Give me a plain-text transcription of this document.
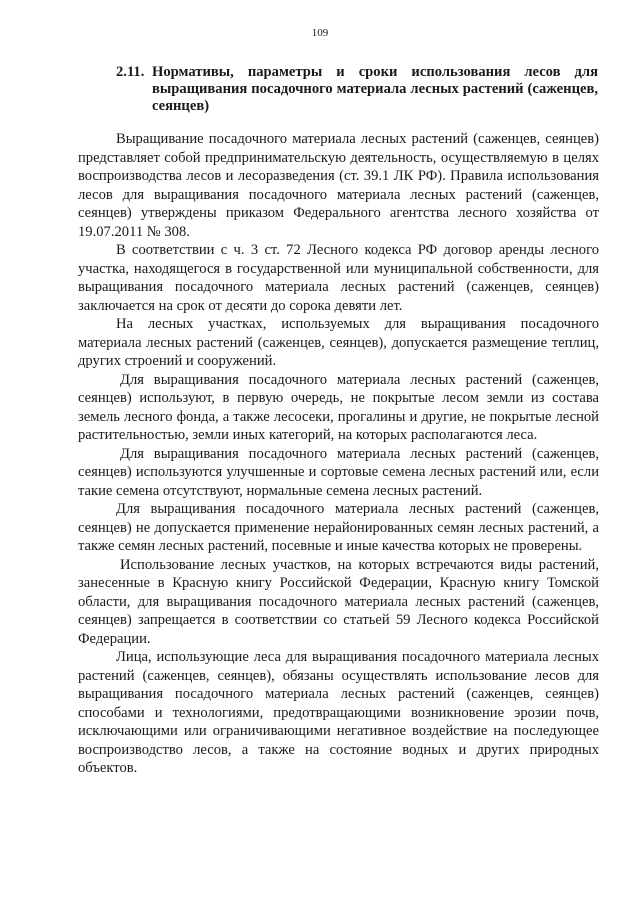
109
2.11. Нормативы, параметры и сроки использования лесов для выращивания посадочного материала лесных растений (саженцев, сеянцев)

Выращивание посадочного материала лесных растений (саженцев, сеянцев) представляет собой предпринимательскую деятельность, осуществляемую в целях воспроизводства лесов и лесоразведения (ст. 39.1 ЛК РФ). Правила использования лесов для выращивания посадочного материала лесных растений (саженцев, сеянцев) утверждены приказом Федерального агентства лесного хозяйства от 19.07.2011 № 308.

В соответствии с ч. 3 ст. 72 Лесного кодекса РФ договор аренды лесного участка, находящегося в государственной или муниципальной собственности, для выращивания посадочного материала лесных растений (саженцев, сеянцев) заключается на срок от десяти до сорока девяти лет.

На лесных участках, используемых для выращивания посадочного материала лесных растений (саженцев, сеянцев), допускается размещение теплиц, других строений и сооружений.

Для выращивания посадочного материала лесных растений (саженцев, сеянцев) используют, в первую очередь, не покрытые лесом земли из состава земель лесного фонда, а также лесосеки, прогалины и другие, не покрытые лесной растительностью, земли иных категорий, на которых располагаются леса.

Для выращивания посадочного материала лесных растений (саженцев, сеянцев) используются улучшенные и сортовые семена лесных растений или, если такие семена отсутствуют, нормальные семена лесных растений.

Для выращивания посадочного материала лесных растений (саженцев, сеянцев) не допускается применение нерайонированных семян лесных растений, а также семян лесных растений, посевные и иные качества которых не проверены.

Использование лесных участков, на которых встречаются виды растений, занесенные в Красную книгу Российской Федерации, Красную книгу Томской области, для выращивания посадочного материала лесных растений (саженцев, сеянцев) запрещается в соответствии со статьей 59 Лесного кодекса Российской Федерации.

Лица, использующие леса для выращивания посадочного материала лесных растений (саженцев, сеянцев), обязаны осуществлять использование лесов для выращивания посадочного материала лесных растений (саженцев, сеянцев) способами и технологиями, предотвращающими возникновение эрозии почв, исключающими или ограничивающими негативное воздействие на последующее воспроизводство лесов, а также на состояние водных и других природных объектов.
